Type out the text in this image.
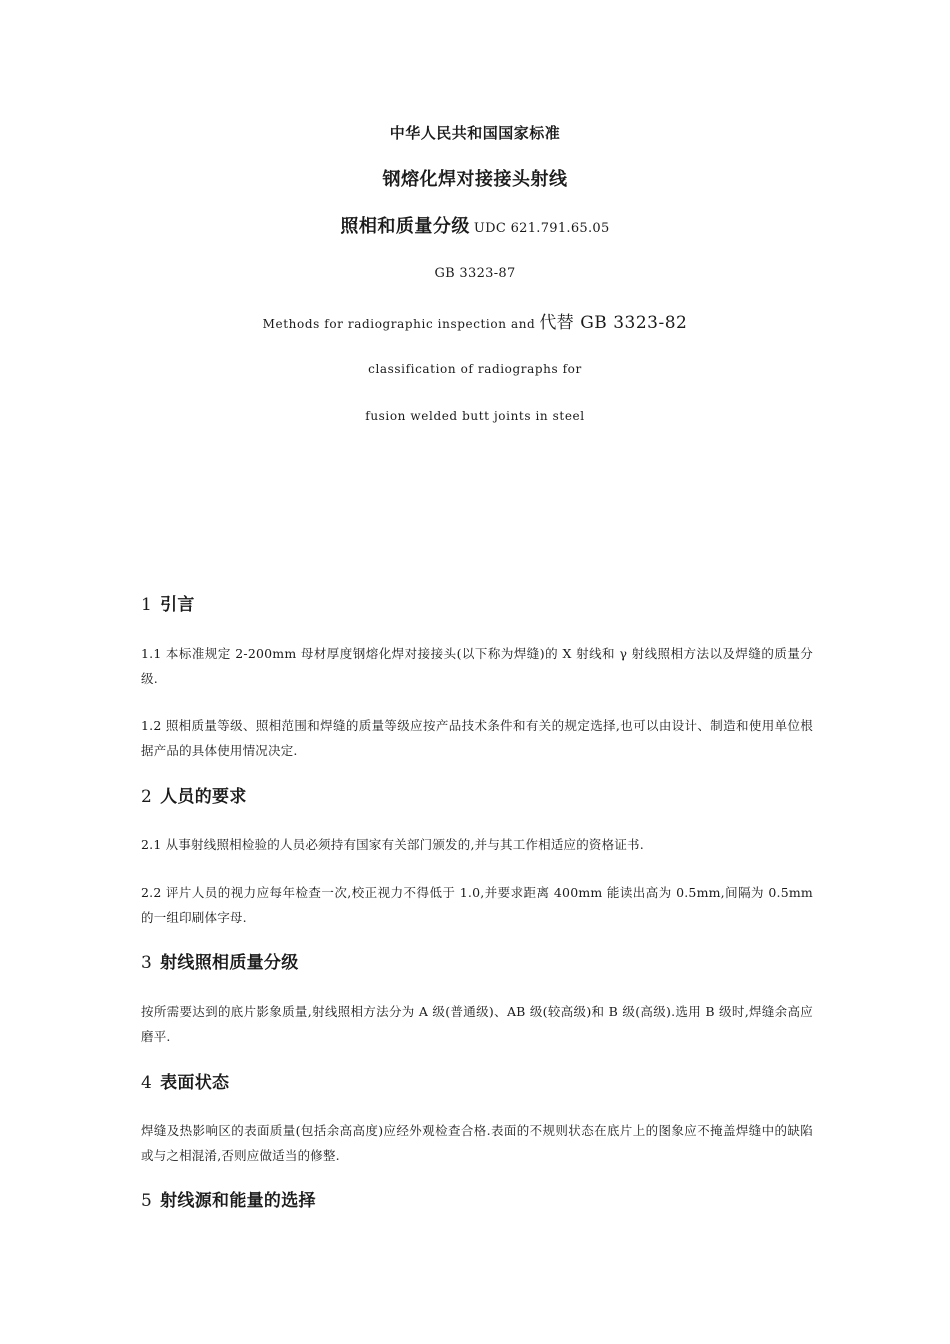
中华人民共和国国家标准
钢熔化焊对接接头射线
照相和质量分级 UDC 621.791.65.05
GB 3323-87
Methods for radiographic inspection and 代替 GB 3323-82
classification of radiographs for
fusion welded butt joints in steel
1 引言
1.1 本标准规定 2-200mm 母材厚度钢熔化焊对接接头(以下称为焊缝)的 X 射线和 γ 射线照相方法以及焊缝的质量分级.
1.2 照相质量等级、照相范围和焊缝的质量等级应按产品技术条件和有关的规定选择,也可以由设计、制造和使用单位根据产品的具体使用情况决定.
2 人员的要求
2.1 从事射线照相检验的人员必须持有国家有关部门颁发的,并与其工作相适应的资格证书.
2.2 评片人员的视力应每年检查一次,校正视力不得低于 1.0,并要求距离 400mm 能读出高为 0.5mm,间隔为 0.5mm 的一组印刷体字母.
3 射线照相质量分级
按所需要达到的底片影象质量,射线照相方法分为 A 级(普通级)、AB 级(较高级)和 B 级(高级).选用 B 级时,焊缝余高应磨平.
4 表面状态
焊缝及热影响区的表面质量(包括余高高度)应经外观检查合格.表面的不规则状态在底片上的图象应不掩盖焊缝中的缺陷或与之相混淆,否则应做适当的修整.
5 射线源和能量的选择
